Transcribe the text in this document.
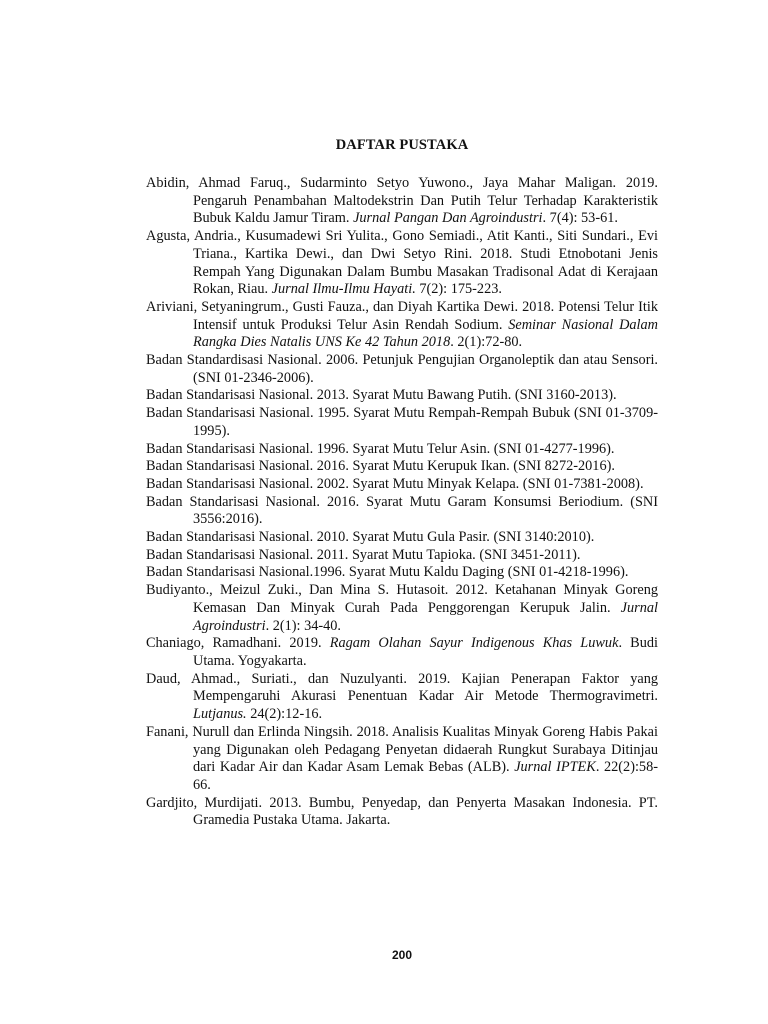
DAFTAR PUSTAKA
Abidin, Ahmad Faruq., Sudarminto Setyo Yuwono., Jaya Mahar Maligan. 2019. Pengaruh Penambahan Maltodekstrin Dan Putih Telur Terhadap Karakteristik Bubuk Kaldu Jamur Tiram. Jurnal Pangan Dan Agroindustri. 7(4): 53-61.
Agusta, Andria., Kusumadewi Sri Yulita., Gono Semiadi., Atit Kanti., Siti Sundari., Evi Triana., Kartika Dewi., dan Dwi Setyo Rini. 2018. Studi Etnobotani Jenis Rempah Yang Digunakan Dalam Bumbu Masakan Tradisonal Adat di Kerajaan Rokan, Riau. Jurnal Ilmu-Ilmu Hayati. 7(2): 175-223.
Ariviani, Setyaningrum., Gusti Fauza., dan Diyah Kartika Dewi. 2018. Potensi Telur Itik Intensif untuk Produksi Telur Asin Rendah Sodium. Seminar Nasional Dalam Rangka Dies Natalis UNS Ke 42 Tahun 2018. 2(1):72-80.
Badan Standardisasi Nasional. 2006. Petunjuk Pengujian Organoleptik dan atau Sensori. (SNI 01-2346-2006).
Badan Standarisasi Nasional. 2013. Syarat Mutu Bawang Putih. (SNI 3160-2013).
Badan Standarisasi Nasional. 1995. Syarat Mutu Rempah-Rempah Bubuk (SNI 01-3709-1995).
Badan Standarisasi Nasional. 1996. Syarat Mutu Telur Asin. (SNI 01-4277-1996).
Badan Standarisasi Nasional. 2016. Syarat Mutu Kerupuk Ikan. (SNI 8272-2016).
Badan Standarisasi Nasional. 2002. Syarat Mutu Minyak Kelapa. (SNI 01-7381-2008).
Badan Standarisasi Nasional. 2016. Syarat Mutu Garam Konsumsi Beriodium. (SNI 3556:2016).
Badan Standarisasi Nasional. 2010. Syarat Mutu Gula Pasir. (SNI 3140:2010).
Badan Standarisasi Nasional. 2011. Syarat Mutu Tapioka. (SNI 3451-2011).
Badan Standarisasi Nasional.1996. Syarat Mutu Kaldu Daging (SNI 01-4218-1996).
Budiyanto., Meizul Zuki., Dan Mina S. Hutasoit. 2012. Ketahanan Minyak Goreng Kemasan Dan Minyak Curah Pada Penggorengan Kerupuk Jalin. Jurnal Agroindustri. 2(1): 34-40.
Chaniago, Ramadhani. 2019. Ragam Olahan Sayur Indigenous Khas Luwuk. Budi Utama. Yogyakarta.
Daud, Ahmad., Suriati., dan Nuzulyanti. 2019. Kajian Penerapan Faktor yang Mempengaruhi Akurasi Penentuan Kadar Air Metode Thermogravimetri. Lutjanus. 24(2):12-16.
Fanani, Nurull dan Erlinda Ningsih. 2018. Analisis Kualitas Minyak Goreng Habis Pakai yang Digunakan oleh Pedagang Penyetan didaerah Rungkut Surabaya Ditinjau dari Kadar Air dan Kadar Asam Lemak Bebas (ALB). Jurnal IPTEK. 22(2):58-66.
Gardjito, Murdijati. 2013. Bumbu, Penyedap, dan Penyerta Masakan Indonesia. PT. Gramedia Pustaka Utama. Jakarta.
200
